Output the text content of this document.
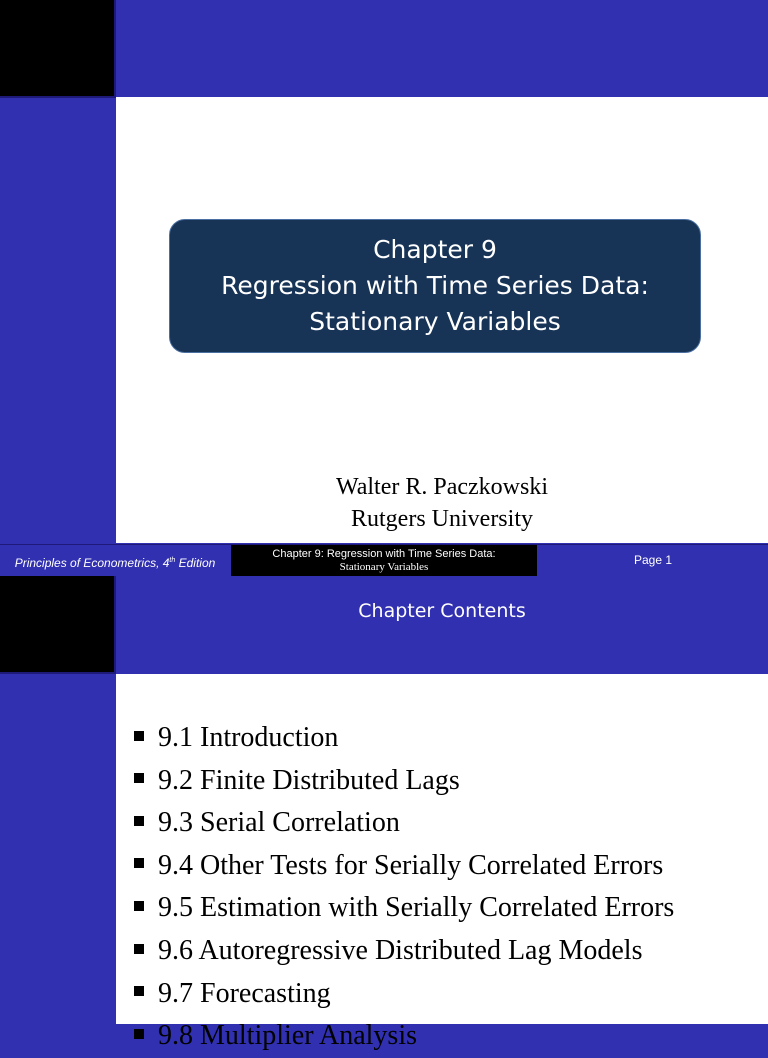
Chapter 9
Regression with Time Series Data:
Stationary Variables
Walter R. Paczkowski
Rutgers University
Principles of Econometrics, 4th Edition
Chapter 9: Regression with Time Series Data:
Stationary Variables	Page 1
Chapter Contents
9.1 Introduction
9.2 Finite Distributed Lags
9.3 Serial Correlation
9.4 Other Tests for Serially Correlated Errors
9.5 Estimation with Serially Correlated Errors
9.6 Autoregressive Distributed Lag Models
9.7 Forecasting
9.8 Multiplier Analysis
